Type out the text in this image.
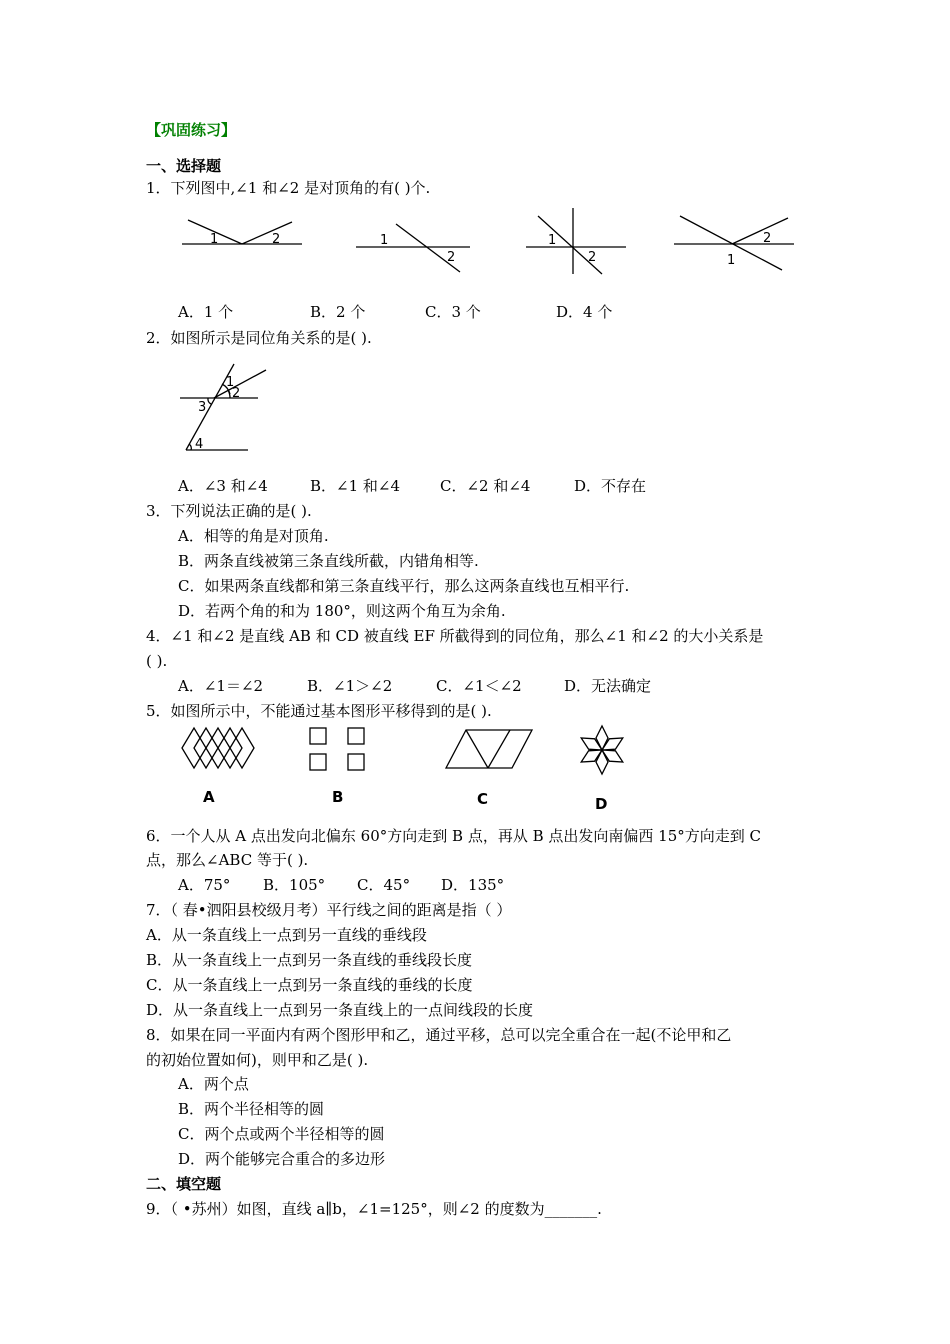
【巩固练习】
一、选择题
1．下列图中,∠1 和∠2 是对顶角的有( )个.
1	2	1
2
1
2
2
1
A．1 个	B．2 个	C．3 个	D．4 个
2．如图所示是同位角关系的是( ).
1
2
3
4
A．∠3 和∠4	B．∠1 和∠4	C．∠2 和∠4	D．不存在
3．下列说法正确的是( ).
A．相等的角是对顶角.
B．两条直线被第三条直线所截，内错角相等.
C．如果两条直线都和第三条直线平行，那么这两条直线也互相平行.
D．若两个角的和为 180°，则这两个角互为余角.
4．∠1 和∠2 是直线 AB 和 CD 被直线 EF 所截得到的同位角，那么∠1 和∠2 的大小关系是
( ).
A．∠1＝∠2	B．∠1＞∠2	C．∠1＜∠2	D．无法确定
5．如图所示中，不能通过基本图形平移得到的是( ).
A	B	C	D
6．一个人从 A 点出发向北偏东 60°方向走到 B 点，再从 B 点出发向南偏西 15°方向走到 C
点，那么∠ABC 等于( ).
A．75° B．105° C．45° D．135°
7．（ 春•泗阳县校级月考）平行线之间的距离是指（ ）
A．从一条直线上一点到另一直线的垂线段
B．从一条直线上一点到另一条直线的垂线段长度
C．从一条直线上一点到另一条直线的垂线的长度
D．从一条直线上一点到另一条直线上的一点间线段的长度
8．如果在同一平面内有两个图形甲和乙，通过平移，总可以完全重合在一起(不论甲和乙
的初始位置如何)，则甲和乙是( ).
A．两个点
B．两个半径相等的圆
C．两个点或两个半径相等的圆
D．两个能够完合重合的多边形
二、填空题
9．（ •苏州）如图，直线 a∥b，∠1=125°，则∠2 的度数为_______.
